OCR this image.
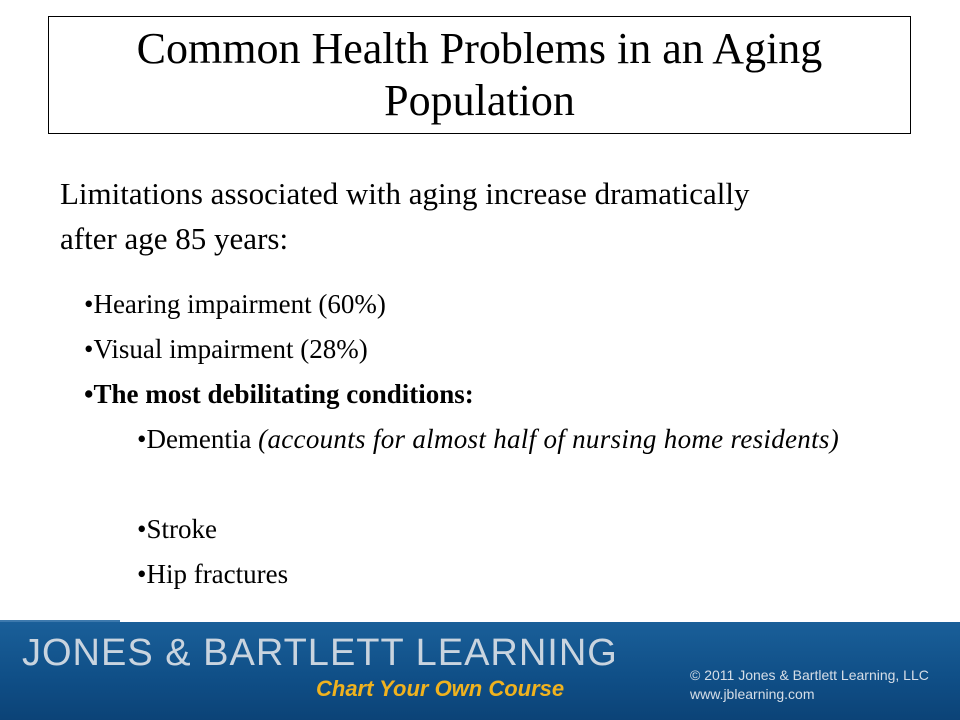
Common Health Problems in an Aging Population
Limitations associated with aging increase dramatically after age 85 years:
•Hearing impairment (60%)
•Visual impairment (28%)
•The most debilitating conditions:
•Dementia (accounts for almost half of nursing home residents)
•Stroke
•Hip fractures
JONES & BARTLETT LEARNING
Chart Your Own Course
© 2011 Jones & Bartlett Learning, LLC
www.jblearning.com
